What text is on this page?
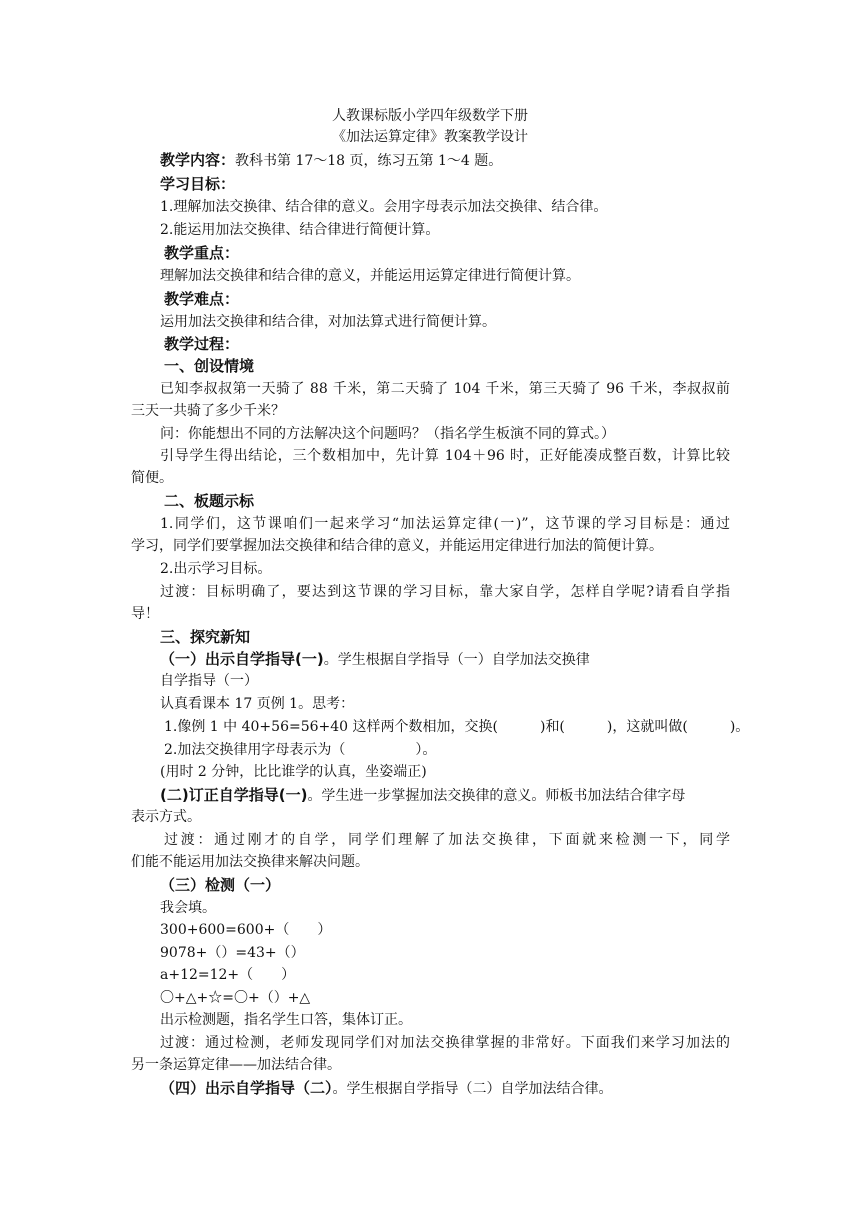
人教课标版小学四年级数学下册
《加法运算定律》教案教学设计
教学内容：教科书第 17～18 页，练习五第 1～4 题。
学习目标：
1.理解加法交换律、结合律的意义。会用字母表示加法交换律、结合律。
2.能运用加法交换律、结合律进行简便计算。
教学重点：
理解加法交换律和结合律的意义，并能运用运算定律进行简便计算。
教学难点：
运用加法交换律和结合律，对加法算式进行简便计算。
教学过程：
一、创设情境
已知李叔叔第一天骑了 88 千米，第二天骑了 104 千米，第三天骑了 96 千米，李叔叔前
三天一共骑了多少千米？
问：你能想出不同的方法解决这个问题吗？（指名学生板演不同的算式。）
引导学生得出结论，三个数相加中，先计算 104＋96 时，正好能凑成整百数，计算比较
简便。
二、板题示标
1.同学们，这节课咱们一起来学习“加法运算定律(一)”，这节课的学习目标是：通过
学习，同学们要掌握加法交换律和结合律的意义，并能运用定律进行加法的简便计算。
2.出示学习目标。
过渡：目标明确了，要达到这节课的学习目标，靠大家自学，怎样自学呢?请看自学指
导！
三、探究新知
（一）出示自学指导(一)。学生根据自学指导（一）自学加法交换律
自学指导（一）
认真看课本 17 页例 1。思考：
1.像例 1 中 40+56=56+40 这样两个数相加，交换(　　　)和(　　　)，这就叫做(　　　)。
2.加法交换律用字母表示为（　　　　　）。
(用时 2 分钟，比比谁学的认真，坐姿端正)
(二)订正自学指导(一)。学生进一步掌握加法交换律的意义。师板书加法结合律字母
表示方式。
过渡：通过刚才的自学，同学们理解了加法交换律，下面就来检测一下，同学
们能不能运用加法交换律来解决问题。
（三）检测（一）
我会填。
300+600=600+（　　）
9078+（）=43+（）
a+12=12+（　　）
〇+△+☆=〇+（）+△
出示检测题，指名学生口答，集体订正。
过渡：通过检测，老师发现同学们对加法交换律掌握的非常好。下面我们来学习加法的
另一条运算定律——加法结合律。
（四）出示自学指导（二）。学生根据自学指导（二）自学加法结合律。
